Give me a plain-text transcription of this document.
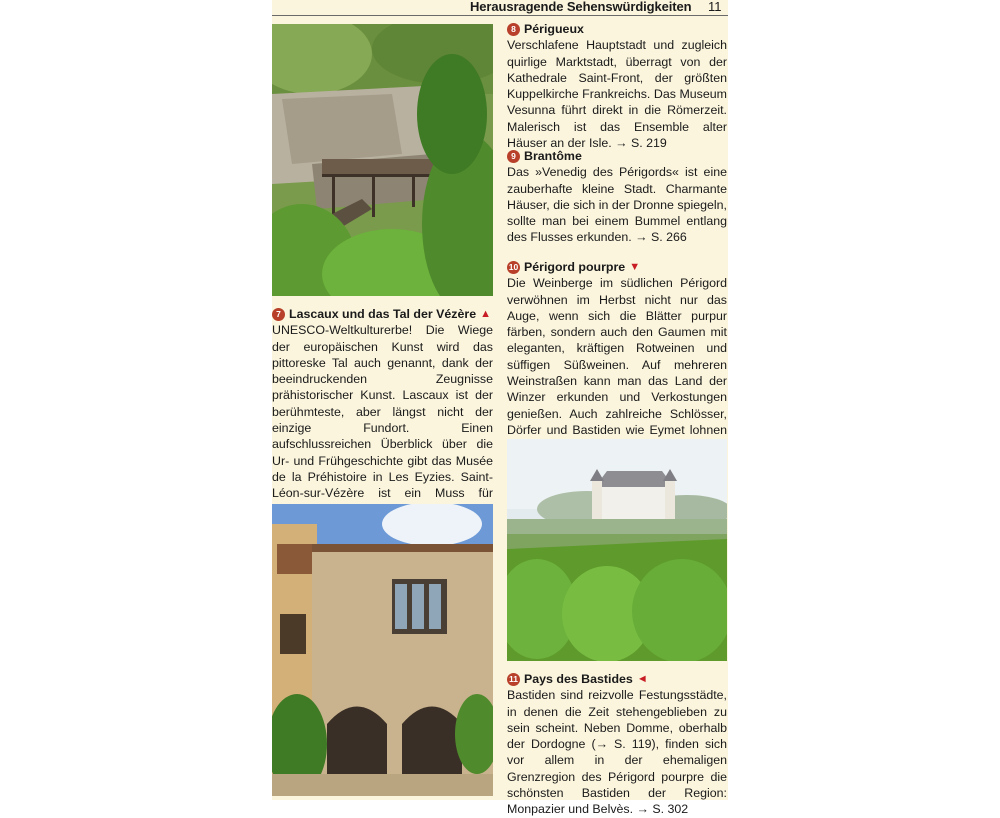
Herausragende Sehenswürdigkeiten 11
7 Lascaux und das Tal der Vézère ▲
UNESCO-Weltkulturerbe! Die Wiege der europäischen Kunst wird das pittoreske Tal auch genannt, dank der beeindruckenden Zeugnisse prähistorischer Kunst. Lascaux ist der berühmteste, aber längst nicht der einzige Fundort. Einen aufschlussreichen Überblick über die Ur- und Frühgeschichte gibt das Musée de la Préhistoire in Les Eyzies. Saint-Léon-sur-Vézère ist ein Muss für
8 Périgueux
Verschlafene Hauptstadt und zugleich quirlige Marktstadt, überragt von der Kathedrale Saint-Front, der größten Kuppelkirche Frankreichs. Das Museum Vesunna führt direkt in die Römerzeit. Malerisch ist das Ensemble alter Häuser an der Isle. → S. 219
9 Brantôme
Das »Venedig des Périgords« ist eine zauberhafte kleine Stadt. Charmante Häuser, die sich in der Dronne spiegeln, sollte man bei einem Bummel entlang des Flusses erkunden. → S. 266
10 Périgord pourpre ▼
Die Weinberge im südlichen Périgord verwöhnen im Herbst nicht nur das Auge, wenn sich die Blätter purpur färben, sondern auch den Gaumen mit eleganten, kräftigen Rotweinen und süffigen Süßweinen. Auf mehreren Weinstraßen kann man das Land der Winzer erkunden und Verkostungen genießen. Auch zahlreiche Schlösser, Dörfer und Bastiden wie Eymet lohnen
11 Pays des Bastides ◄
Bastiden sind reizvolle Festungsstädte, in denen die Zeit stehengeblieben zu sein scheint. Neben Domme, oberhalb der Dordogne (→ S. 119), finden sich vor allem in der ehemaligen Grenzregion des Périgord pourpre die schönsten Bastiden der Region: Monpazier und Belvès. → S. 302
